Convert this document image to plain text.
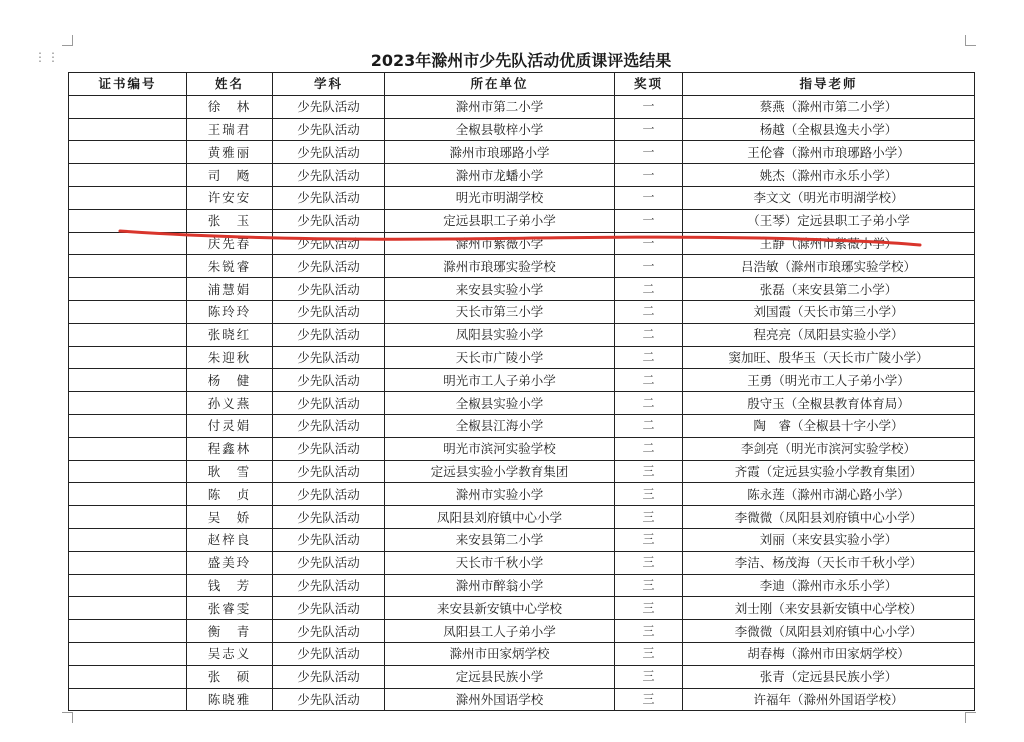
⋮⋮	2023年滁州市少先队活动优质课评选结果
证书编号	姓名	学科	所在单位	奖项	指导老师
	徐　林	少先队活动	滁州市第二小学	一	蔡燕（滁州市第二小学）
	王瑞君	少先队活动	全椒县敬梓小学	一	杨越（全椒县逸夫小学）
	黄雅丽	少先队活动	滁州市琅琊路小学	一	王伦睿（滁州市琅琊路小学）
	司　飏	少先队活动	滁州市龙蟠小学	一	姚杰（滁州市永乐小学）
	许安安	少先队活动	明光市明湖学校	一	李文文（明光市明湖学校）
	张　玉	少先队活动	定远县职工子弟小学	一	（王琴）定远县职工子弟小学
	庆先春	少先队活动	滁州市紫薇小学	一	王静（滁州市紫薇小学）
	朱锐睿	少先队活动	滁州市琅琊实验学校	一	吕浩敏（滁州市琅琊实验学校）
	浦慧娟	少先队活动	来安县实验小学	二	张磊（来安县第二小学）
	陈玲玲	少先队活动	天长市第三小学	二	刘国霞（天长市第三小学）
	张晓红	少先队活动	凤阳县实验小学	二	程亮亮（凤阳县实验小学）
	朱迎秋	少先队活动	天长市广陵小学	二	窦加旺、殷华玉（天长市广陵小学）
	杨　健	少先队活动	明光市工人子弟小学	二	王勇（明光市工人子弟小学）
	孙义燕	少先队活动	全椒县实验小学	二	殷守玉（全椒县教育体育局）
	付灵娟	少先队活动	全椒县江海小学	二	陶　睿（全椒县十字小学）
	程鑫林	少先队活动	明光市滨河实验学校	二	李剑亮（明光市滨河实验学校）
	耿　雪	少先队活动	定远县实验小学教育集团	三	齐霞（定远县实验小学教育集团）
	陈　贞	少先队活动	滁州市实验小学	三	陈永莲（滁州市湖心路小学）
	吴　娇	少先队活动	凤阳县刘府镇中心小学	三	李微微（凤阳县刘府镇中心小学）
	赵梓良	少先队活动	来安县第二小学	三	刘丽（来安县实验小学）
	盛美玲	少先队活动	天长市千秋小学	三	李洁、杨茂海（天长市千秋小学）
	钱　芳	少先队活动	滁州市醉翁小学	三	李迪（滁州市永乐小学）
	张睿雯	少先队活动	来安县新安镇中心学校	三	刘士刚（来安县新安镇中心学校）
	衡　青	少先队活动	凤阳县工人子弟小学	三	李微微（凤阳县刘府镇中心小学）
	吴志义	少先队活动	滁州市田家炳学校	三	胡春梅（滁州市田家炳学校）
	张　硕	少先队活动	定远县民族小学	三	张青（定远县民族小学）
	陈晓雅	少先队活动	滁州外国语学校	三	许福年（滁州外国语学校）
